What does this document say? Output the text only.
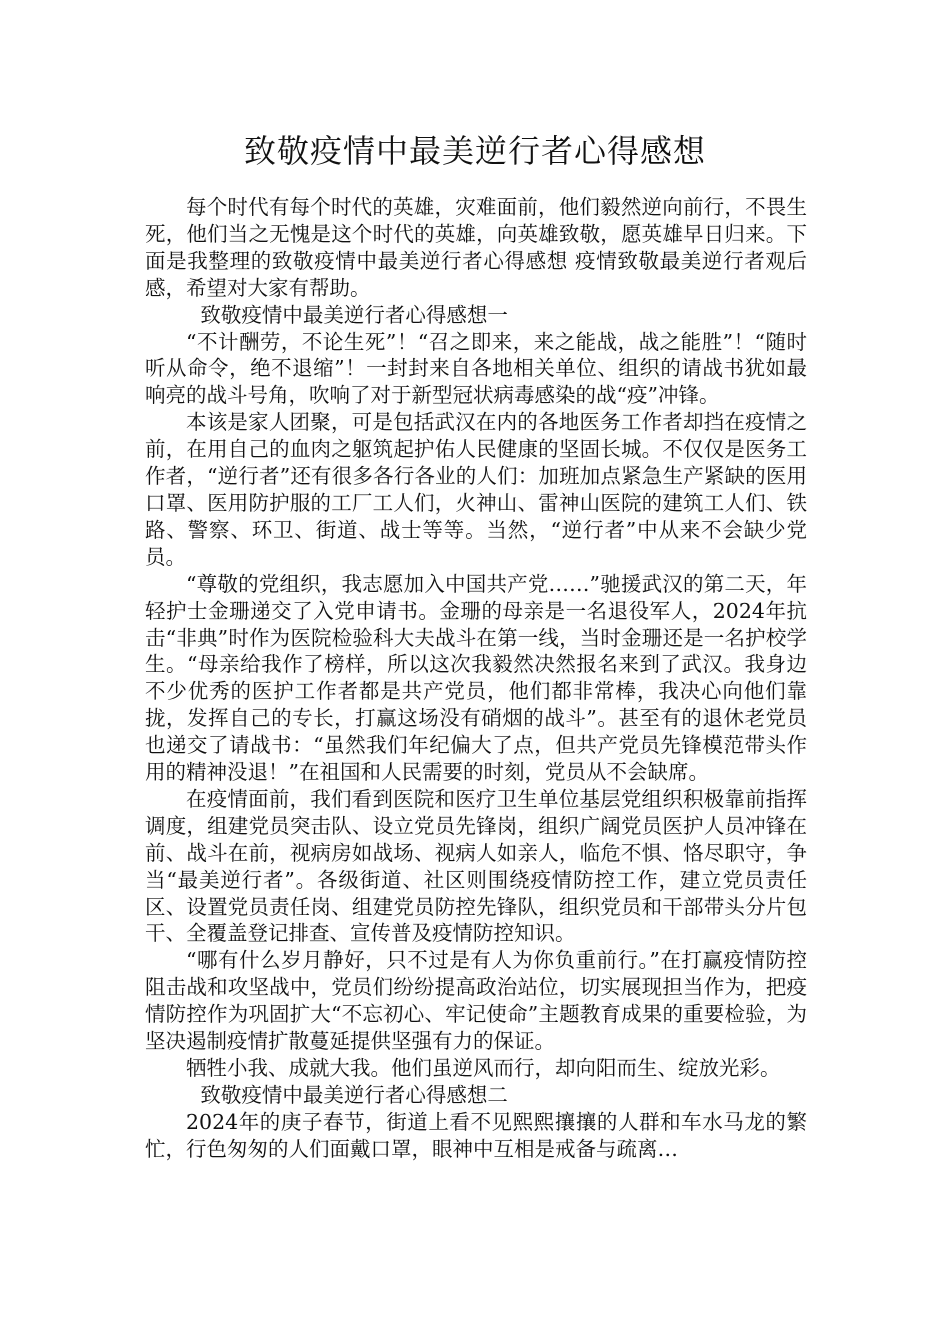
致敬疫情中最美逆行者心得感想

每个时代有每个时代的英雄，灾难面前，他们毅然逆向前行，不畏生死，他们当之无愧是这个时代的英雄，向英雄致敬，愿英雄早日归来。下面是我整理的致敬疫情中最美逆行者心得感想 疫情致敬最美逆行者观后感，希望对大家有帮助。

致敬疫情中最美逆行者心得感想一

“不计酬劳，不论生死”！“召之即来，来之能战，战之能胜”！“随时听从命令，绝不退缩”！一封封来自各地相关单位、组织的请战书犹如最响亮的战斗号角，吹响了对于新型冠状病毒感染的战“疫”冲锋。

本该是家人团聚，可是包括武汉在内的各地医务工作者却挡在疫情之前，在用自己的血肉之躯筑起护佑人民健康的坚固长城。不仅仅是医务工作者，“逆行者”还有很多各行各业的人们：加班加点紧急生产紧缺的医用口罩、医用防护服的工厂工人们，火神山、雷神山医院的建筑工人们、铁路、警察、环卫、街道、战士等等。当然，“逆行者”中从来不会缺少党员。

“尊敬的党组织，我志愿加入中国共产党……”驰援武汉的第二天，年轻护士金珊递交了入党申请书。金珊的母亲是一名退役军人，2024年抗击“非典”时作为医院检验科大夫战斗在第一线，当时金珊还是一名护校学生。“母亲给我作了榜样，所以这次我毅然决然报名来到了武汉。我身边不少优秀的医护工作者都是共产党员，他们都非常棒，我决心向他们靠拢，发挥自己的专长，打赢这场没有硝烟的战斗”。甚至有的退休老党员也递交了请战书：“虽然我们年纪偏大了点，但共产党员先锋模范带头作用的精神没退！”在祖国和人民需要的时刻，党员从不会缺席。

在疫情面前，我们看到医院和医疗卫生单位基层党组织积极靠前指挥调度，组建党员突击队、设立党员先锋岗，组织广阔党员医护人员冲锋在前、战斗在前，视病房如战场、视病人如亲人，临危不惧、恪尽职守，争当“最美逆行者”。各级街道、社区则围绕疫情防控工作，建立党员责任区、设置党员责任岗、组建党员防控先锋队，组织党员和干部带头分片包干、全覆盖登记排查、宣传普及疫情防控知识。

“哪有什么岁月静好，只不过是有人为你负重前行。”在打赢疫情防控阻击战和攻坚战中，党员们纷纷提高政治站位，切实展现担当作为，把疫情防控作为巩固扩大“不忘初心、牢记使命”主题教育成果的重要检验，为坚决遏制疫情扩散蔓延提供坚强有力的保证。

牺牲小我、成就大我。他们虽逆风而行，却向阳而生、绽放光彩。

致敬疫情中最美逆行者心得感想二

2024年的庚子春节，街道上看不见熙熙攘攘的人群和车水马龙的繁忙，行色匆匆的人们面戴口罩，眼神中互相是戒备与疏离…
